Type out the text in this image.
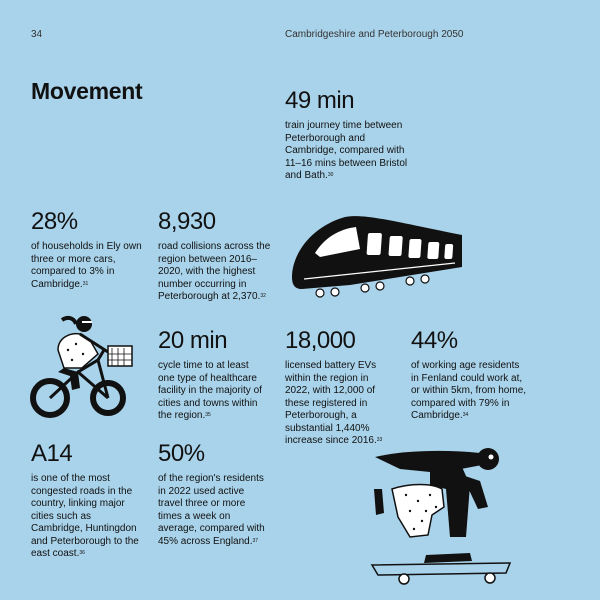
34	Cambridgeshire and Peterborough 2050
Movement	49 min
train journey time between Peterborough and Cambridge, compared with 11–16 mins between Bristol and Bath.$^{30}$
28%
of households in Ely own three or more cars, compared to 3% in Cambridge.$^{31}$
8,930
road collisions across the region between 2016–2020, with the highest number occurring in Peterborough at 2,370.32
20 min
cycle time to at least one type of healthcare facility in the majority of cities and towns within the region.$^{35}$
18,000
licensed battery EVs within the region in 2022, with 12,000 of these registered in Peterborough, a substantial 1,440% increase since 2016.33
44%
of working age residents in Fenland could work at, or within 5km, from home, compared with 79% in Cambridge.$^{34}$
A14
is one of the most congested roads in the country, linking major cities such as Cambridge, Huntingdon and Peterborough to the east coast.$^{36}$
50%
of the region's residents in 2022 used active travel three or more times a week on average, compared with 45% across England.$^{37}$
